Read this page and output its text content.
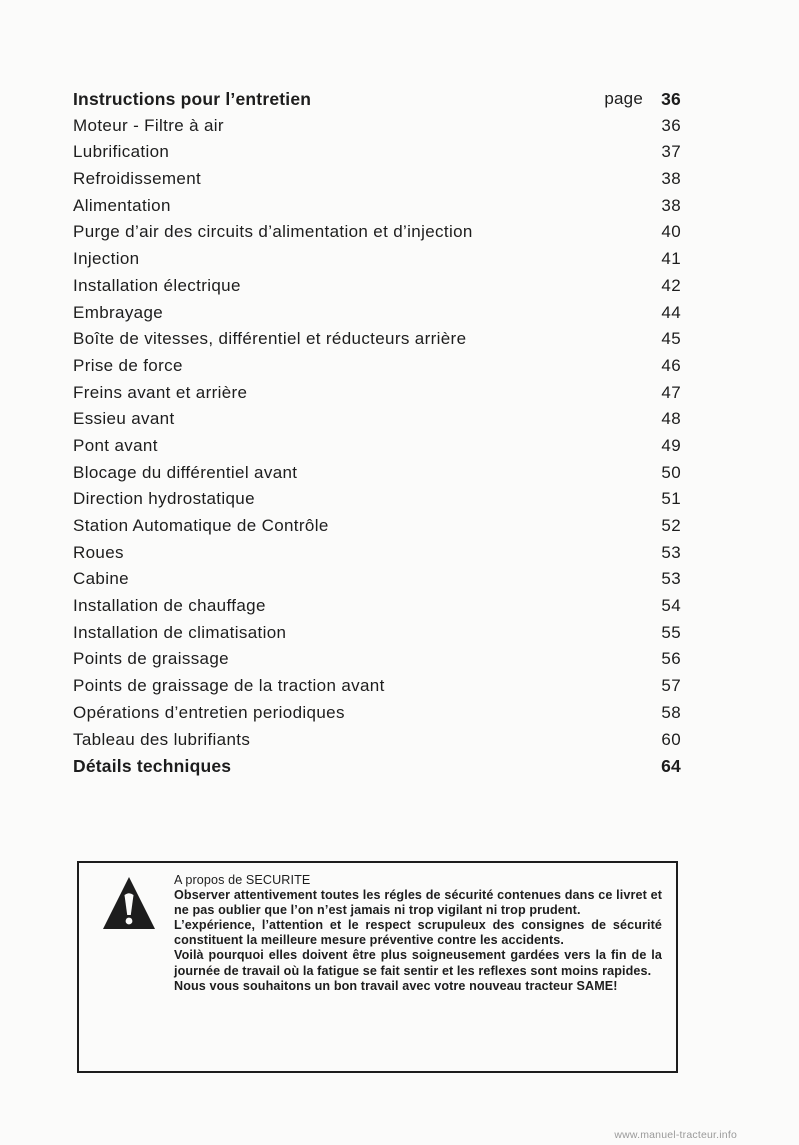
Instructions pour l’entretien	page 36
Moteur - Filtre à air	36
Lubrification	37
Refroidissement	38
Alimentation	38
Purge d’air des circuits d’alimentation et d’injection	40
Injection	41
Installation électrique	42
Embrayage	44
Boîte de vitesses, différentiel et réducteurs arrière	45
Prise de force	46
Freins avant et arrière	47
Essieu avant	48
Pont avant	49
Blocage du différentiel avant	50
Direction hydrostatique	51
Station Automatique de Contrôle	52
Roues	53
Cabine	53
Installation de chauffage	54
Installation de climatisation	55
Points de graissage	56
Points de graissage de la traction avant	57
Opérations d’entretien periodiques	58
Tableau des lubrifiants	60
Détails techniques	64
A propos de SECURITE

Observer attentivement toutes les régles de sécurité contenues dans ce livret et ne pas oublier que l’on n’est jamais ni trop vigilant ni trop prudent.

L’expérience, l’attention et le respect scrupuleux des consignes de sécurité constituent la meilleure mesure préventive contre les accidents.

Voilà pourquoi elles doivent être plus soigneusement gardées vers la fin de la journée de travail où la fatigue se fait sentir et les reflexes sont moins rapides.

Nous vous souhaitons un bon travail avec votre nouveau tracteur SAME!

www.manuel-tracteur.info
